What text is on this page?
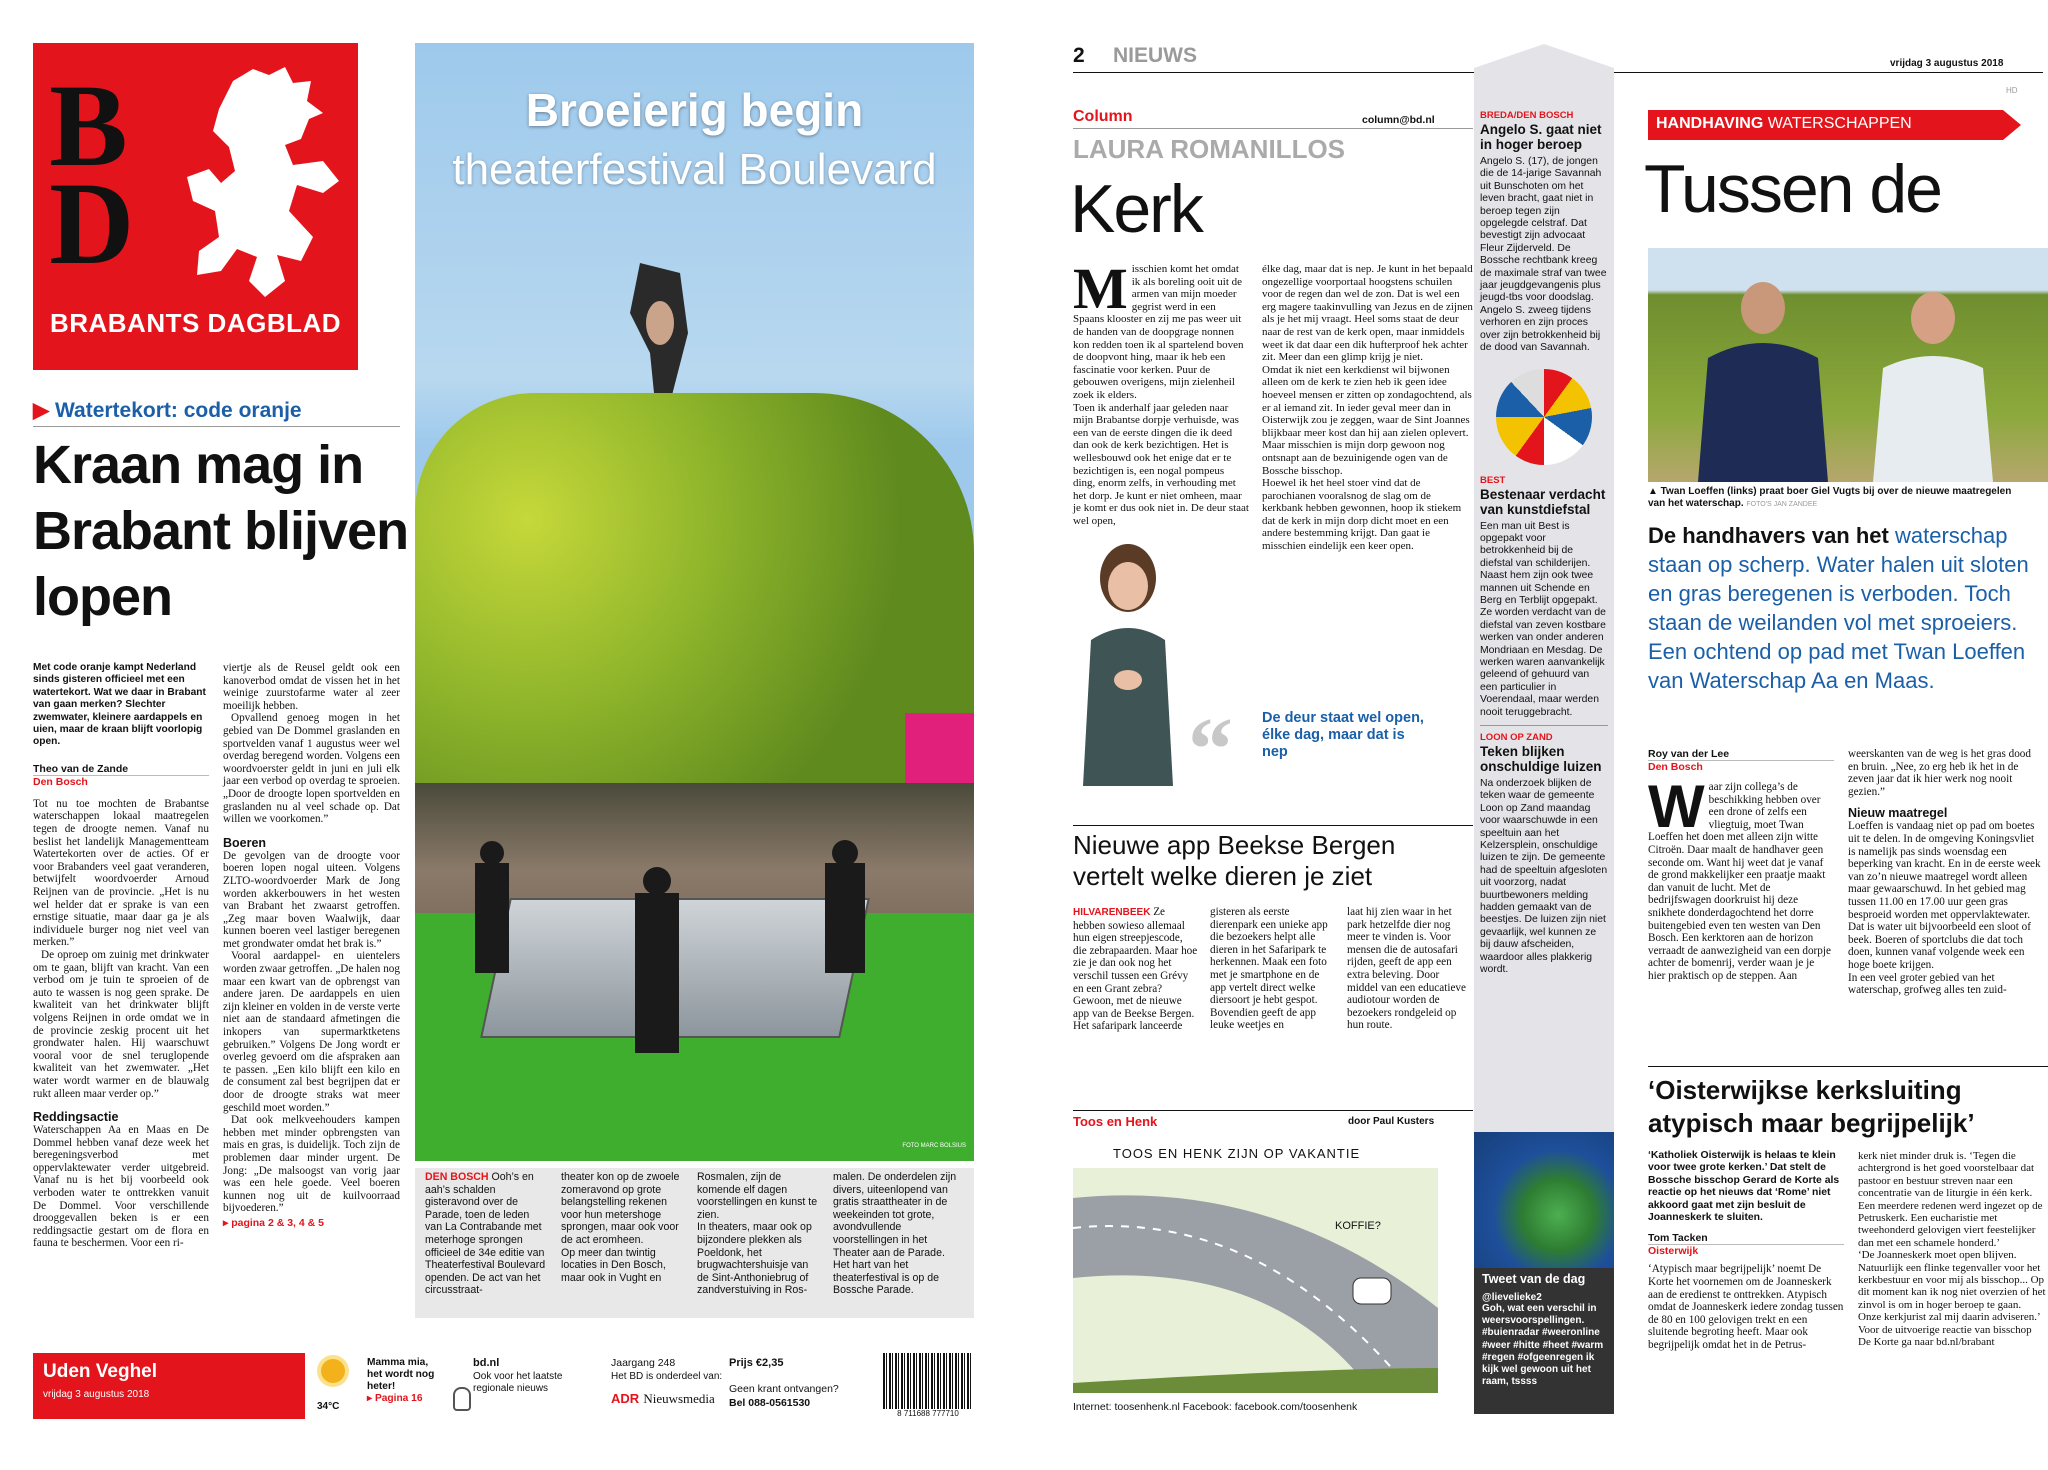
BD
BRABANTS DAGBLAD
Broeierig begin
theaterfestival Boulevard
FOTO MARC BOLSIUS
▶ Watertekort: code oranje
Kraan mag in Brabant blijven lopen
Met code oranje kampt Nederland sinds gisteren officieel met een watertekort. Wat we daar in Brabant van gaan merken? Slechter zwemwater, kleinere aardappels en uien, maar de kraan blijft voorlopig open.
Theo van de Zande
Den Bosch

Tot nu toe mochten de Brabantse waterschappen lokaal maatregelen tegen de droogte nemen. Vanaf nu beslist het landelijk Managementteam Watertekorten over de acties. Of er voor Brabanders veel gaat veranderen, betwijfelt woordvoerder Arnoud Reijnen van de provincie. „Het is nu wel helder dat er sprake is van een ernstige situatie, maar daar ga je als individuele burger nog niet veel van merken.”

De oproep om zuinig met drinkwater om te gaan, blijft van kracht. Van een verbod om je tuin te sproeien of de auto te wassen is nog geen sprake. De kwaliteit van het drinkwater blijft volgens Reijnen in orde omdat we in de provincie zeskig procent uit het grondwater halen. Hij waarschuwt vooral voor de snel teruglopende kwaliteit van het zwemwater. „Het water wordt warmer en de blauwalg rukt alleen maar verder op.”

Reddingsactie

Waterschappen Aa en Maas en De Dommel hebben vanaf deze week het beregeningsverbod met oppervlaktewater verder uitgebreid. Vanaf nu is het bij voorbeeld ook verboden water te onttrekken vanuit De Dommel. Voor verschillende drooggevallen beken is er een reddingsactie gestart om de flora en fauna te beschermen. Voor een ri-

viertje als de Reusel geldt ook een kanoverbod omdat de vissen het in het weinige zuurstofarme water al zeer moeilijk hebben.

Opvallend genoeg mogen in het gebied van De Dommel graslanden en sportvelden vanaf 1 augustus weer wel overdag beregend worden. Volgens een woordvoerster geldt in juni en juli elk jaar een verbod op overdag te sproeien. „Door de droogte lopen sportvelden en graslanden nu al veel schade op. Dat willen we voorkomen.”

Boeren

De gevolgen van de droogte voor boeren lopen nogal uiteen. Volgens ZLTO-woordvoerder Mark de Jong worden akkerbouwers in het westen van Brabant het zwaarst getroffen. „Zeg maar boven Waalwijk, daar kunnen boeren veel lastiger beregenen met grondwater omdat het brak is.”

Vooral aardappel- en uientelers worden zwaar getroffen. „De halen nog maar een kwart van de opbrengst van andere jaren. De aardappels en uien zijn kleiner en volden in de verste verte niet aan de standaard afmetingen die inkopers van supermarktketens gebruiken.” Volgens De Jong wordt er overleg gevoerd om die afspraken aan te passen. „Een kilo blijft een kilo en de consument zal best begrijpen dat er door de droogte straks wat meer geschild moet worden.”

Dat ook melkveehouders kampen hebben met minder opbrengsten van mais en gras, is duidelijk. Toch zijn de problemen daar minder urgent. De Jong: „De malsoogst van vorig jaar was een hele goede. Veel boeren kunnen nog uit de kuilvoorraad bijvoederen.”

▸ pagina 2 & 3, 4 & 5

DEN BOSCH Ooh’s en aah’s schalden gisteravond over de Parade, toen de leden van La Contrabande met meterhoge sprongen officieel de 34e editie van Theaterfestival Boulevard openden. De act van het circusstraat-

theater kon op de zwoele zomeravond op grote belangstelling rekenen voor hun metershoge sprongen, maar ook voor de act eromheen.
Op meer dan twintig locaties in Den Bosch, maar ook in Vught en

Rosmalen, zijn de komende elf dagen voorstellingen en kunst te zien.
In theaters, maar ook op bijzondere plekken als Poeldonk, het brugwachtershuisje van de Sint-Anthoniebrug of zandverstuiving in Ros-

malen. De onderdelen zijn divers, uiteenlopend van gratis straattheater in de weekeinden tot grote, avondvullende voorstellingen in het Theater aan de Parade. Het hart van het theaterfestival is op de Bossche Parade.

Uden Veghel
vrijdag 3 augustus 2018
34°C
Mamma mia, het wordt nog heter!
▸ Pagina 16
bd.nl
Ook voor het laatste regionale nieuws
Jaargang 248
Het BD is onderdeel van:
ADR Nieuwsmedia
Prijs €2,35
Geen krant ontvangen?
Bel 088-0561530
8 711688 777710
2 NIEUWS	vrijdag 3 augustus 2018
HD
Column	column@bd.nl
LAURA ROMANILLOS
Kerk
M isschien komt het omdat ik als boreling ooit uit de armen van mijn moeder gegrist werd in een Spaans klooster en zij me pas weer uit de handen van de doopgrage nonnen kon redden toen ik al spartelend boven de doopvont hing, maar ik heb een fascinatie voor kerken. Puur de gebouwen overigens, mijn zielenheil zoek ik elders.
Toen ik anderhalf jaar geleden naar mijn Brabantse dorpje verhuisde, was een van de eerste dingen die ik deed dan ook de kerk bezichtigen. Het is wellesbouwd ook het enige dat er te bezichtigen is, een nogal pompeus ding, enorm zelfs, in verhouding met het dorp. Je kunt er niet omheen, maar je komt er dus ook niet in. De deur staat wel open,

“ De deur staat wel open, élke dag, maar dat is nep

élke dag, maar dat is nep. Je kunt in het bepaald ongezellige voorportaal hoogstens schuilen voor de regen dan wel de zon. Dat is wel een erg magere taakinvulling van Jezus en de zijnen als je het mij vraagt. Heel soms staat de deur naar de rest van de kerk open, maar inmiddels weet ik dat daar een dik hufterproof hek achter zit. Meer dan een glimp krijg je niet.
Omdat ik niet een kerkdienst wil bijwonen alleen om de kerk te zien heb ik geen idee hoeveel mensen er zitten op zondagochtend, als er al iemand zit. In ieder geval meer dan in Oisterwijk zou je zeggen, waar de Sint Joannes blijkbaar meer kost dan hij aan zielen oplevert. Maar misschien is mijn dorp gewoon nog ontsnapt aan de bezuinigende ogen van de Bossche bisschop.
Hoewel ik het heel stoer vind dat de parochianen vooralsnog de slag om de kerkbank hebben gewonnen, hoop ik stiekem dat de kerk in mijn dorp dicht moet en een andere bestemming krijgt. Dan gaat ie misschien eindelijk een keer open.

Nieuwe app Beekse Bergen vertelt welke dieren je ziet

HILVARENBEEK Ze hebben sowieso allemaal hun eigen streepjescode, die zebrapaarden. Maar hoe zie je dan ook nog het verschil tussen een Grévy en een Grant zebra? Gewoon, met de nieuwe app van de Beekse Bergen. Het safaripark lanceerde

gisteren als eerste dierenpark een unieke app die bezoekers helpt alle dieren in het Safaripark te herkennen. Maak een foto met je smartphone en de app vertelt direct welke diersoort je hebt gespot. Bovendien geeft de app leuke weetjes en

laat hij zien waar in het park hetzelfde dier nog meer te vinden is. Voor mensen die de autosafari rijden, geeft de app een extra beleving. Door middel van een educatieve audiotour worden de bezoekers rondgeleid op hun route.

Toos en Henk	door Paul Kusters
TOOS EN HENK ZIJN OP VAKANTIE
KOFFIE?
Internet: toosenhenk.nl Facebook: facebook.com/toosenhenk
BREDA/DEN BOSCH
Angelo S. gaat niet in hoger beroep

Angelo S. (17), de jongen die de 14-jarige Savannah uit Bunschoten om het leven bracht, gaat niet in beroep tegen zijn opgelegde celstraf. Dat bevestigt zijn advocaat Fleur Zijderveld. De Bossche rechtbank kreeg de maximale straf van twee jaar jeugdgevangenis plus jeugd-tbs voor doodslag. Angelo S. zweeg tijdens verhoren en zijn proces over zijn betrokkenheid bij de dood van Savannah.

BEST
Bestenaar verdacht van kunstdiefstal

Een man uit Best is opgepakt voor betrokkenheid bij de diefstal van schilderijen. Naast hem zijn ook twee mannen uit Schende en Berg en Terblijt opgepakt. Ze worden verdacht van de diefstal van zeven kostbare werken van onder anderen Mondriaan en Mesdag. De werken waren aanvankelijk geleend of gehuurd van een particulier in Voerendaal, maar werden nooit teruggebracht.

LOON OP ZAND
Teken blijken onschuldige luizen

Na onderzoek blijken de teken waar de gemeente Loon op Zand maandag voor waarschuwde in een speeltuin aan het Kelzersplein, onschuldige luizen te zijn. De gemeente had de speeltuin afgesloten uit voorzorg, nadat buurtbewoners melding hadden gemaakt van de beestjes. De luizen zijn niet gevaarlijk, wel kunnen ze bij dauw afscheiden, waardoor alles plakkerig wordt.

Tweet van de dag
@lievelieke2

Goh, wat een verschil in weersvoorspellingen. #buienradar #weeronline #weer #hitte #heet #warm #regen #ofgeenregen ik kijk wel gewoon uit het raam, tssss

HANDHAVING WATERSCHAPPEN
Tussen de
▲ Twan Loeffen (links) praat boer Giel Vugts bij over de nieuwe maatregelen van het waterschap. FOTO'S JAN ZANDEE
De handhavers van het waterschap staan op scherp. Water halen uit sloten en gras beregenen is verboden. Toch staan de weilanden vol met sproeiers. Een ochtend op pad met Twan Loeffen van Waterschap Aa en Maas.
Roy van der Lee
Den Bosch
W aar zijn collega’s de beschikking hebben over een drone of zelfs een vliegtuig, moet Twan Loeffen het doen met alleen zijn witte Citroën. Daar maalt de handhaver geen seconde om. Want hij weet dat je vanaf de grond makkelijker een praatje maakt dan vanuit de lucht. Met de bedrijfswagen doorkruist hij deze snikhete donderdagochtend het dorre buitengebied even ten westen van Den Bosch. Een kerktoren aan de horizon verraadt de aanwezigheid van een dorpje achter de bomenrij, verder waan je je hier praktisch op de steppen. Aan

weerskanten van de weg is het gras dood en bruin. „Nee, zo erg heb ik het in de zeven jaar dat ik hier werk nog nooit gezien.”

Nieuw maatregel

Loeffen is vandaag niet op pad om boetes uit te delen. In de omgeving Koningsvliet is namelijk pas sinds woensdag een beperking van kracht. En in de eerste week van zo’n nieuwe maatregel wordt alleen maar gewaarschuwd. In het gebied mag tussen 11.00 en 17.00 uur geen gras besproeid worden met oppervlaktewater. Dat is water uit bijvoorbeeld een sloot of beek. Boeren of sportclubs die dat toch doen, kunnen vanaf volgende week een hoge boete krijgen.
In een veel groter gebied van het waterschap, grofweg alles ten zuid-

‘Oisterwijkse kerksluiting atypisch maar begrijpelijk’
‘Katholiek Oisterwijk is helaas te klein voor twee grote kerken.’ Dat stelt de Bossche bisschop Gerard de Korte als reactie op het nieuws dat ‘Rome’ niet akkoord gaat met zijn besluit de Joanneskerk te sluiten.
Tom Tacken
Oisterwijk

‘Atypisch maar begrijpelijk’ noemt De Korte het voornemen om de Joanneskerk aan de eredienst te onttrekken. Atypisch omdat de Joanneskerk iedere zondag tussen de 80 en 100 gelovigen trekt en een sluitende begroting heeft. Maar ook begrijpelijk omdat het in de Petrus-

kerk niet minder druk is. ‘Tegen die achtergrond is het goed voorstelbaar dat pastoor en bestuur streven naar een concentratie van de liturgie in één kerk. Een meerdere redenen werd ingezet op de Petruskerk. Een eucharistie met tweehonderd gelovigen viert feestelijker dan met een schamele honderd.’
‘De Joanneskerk moet open blijven. Natuurlijk een flinke tegenvaller voor het kerkbestuur en voor mij als bisschop... Op dit moment kan ik nog niet overzien of het zinvol is om in hoger beroep te gaan. Onze kerkjurist zal mij daarin adviseren.’ Voor de uitvoerige reactie van bisschop De Korte ga naar bd.nl/brabant
